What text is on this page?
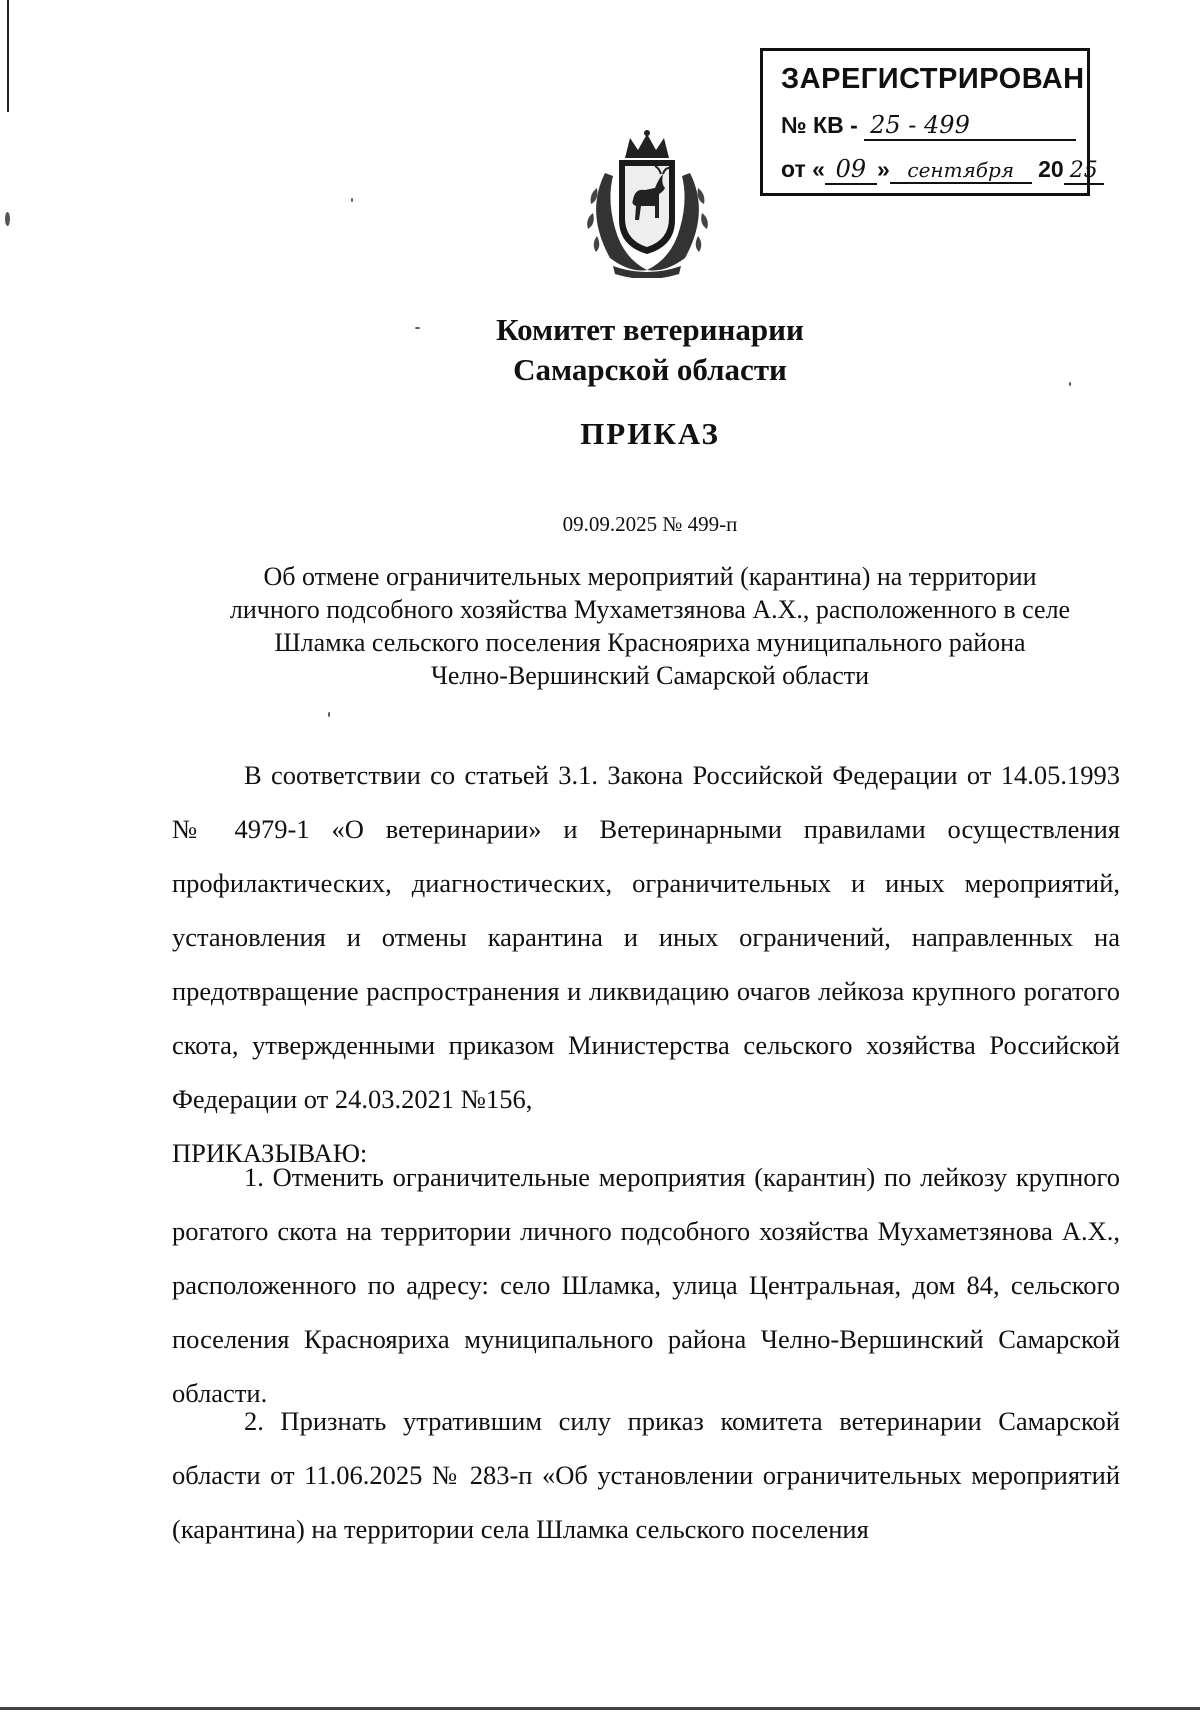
ЗАРЕГИСТРИРОВАН
№ КВ - 25 - 499
от « 09 » сентября 20 25
Комитет ветеринарии
Самарской области
ПРИКАЗ
09.09.2025 № 499-п
Об отмене ограничительных мероприятий (карантина) на территории
личного подсобного хозяйства Мухаметзянова А.Х., расположенного в селе
Шламка сельского поселения Краснояриха муниципального района
Челно-Вершинский Самарской области
В соответствии со статьей 3.1. Закона Российской Федерации от 14.05.1993 № 4979-1 «О ветеринарии» и Ветеринарными правилами осуществления профилактических, диагностических, ограничительных и иных мероприятий, установления и отмены карантина и иных ограничений, направленных на предотвращение распространения и ликвидацию очагов лейкоза крупного рогатого скота, утвержденными приказом Министерства сельского хозяйства Российской Федерации от 24.03.2021 №156,
ПРИКАЗЫВАЮ:
1. Отменить ограничительные мероприятия (карантин) по лейкозу крупного рогатого скота на территории личного подсобного хозяйства Мухаметзянова А.Х., расположенного по адресу: село Шламка, улица Центральная, дом 84, сельского поселения Краснояриха муниципального района Челно-Вершинский Самарской области.
2. Признать утратившим силу приказ комитета ветеринарии Самарской области от 11.06.2025 № 283-п «Об установлении ограничительных мероприятий (карантина) на территории села Шламка сельского поселения
